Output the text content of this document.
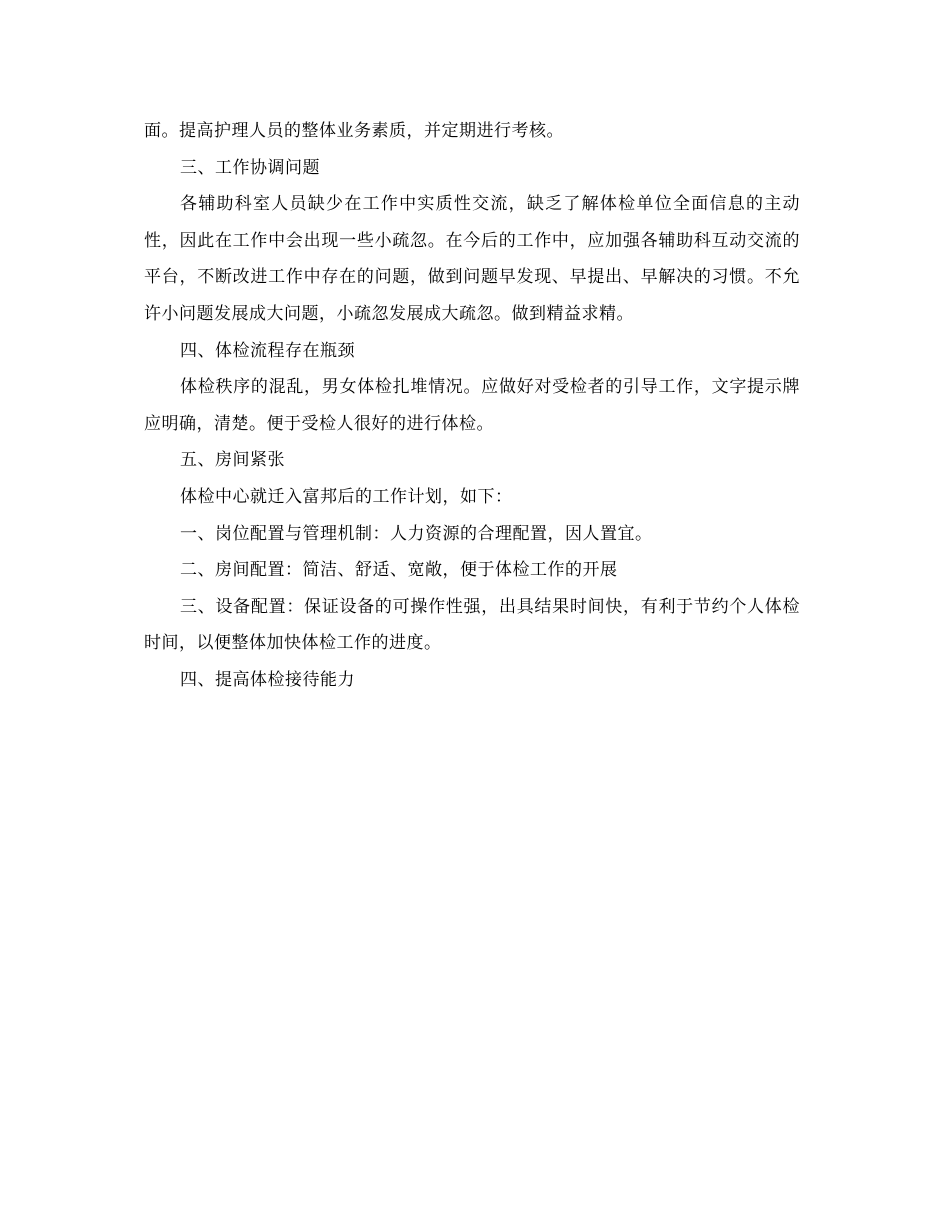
面。提高护理人员的整体业务素质，并定期进行考核。

三、工作协调问题

各辅助科室人员缺少在工作中实质性交流，缺乏了解体检单位全面信息的主动性，因此在工作中会出现一些小疏忽。在今后的工作中，应加强各辅助科互动交流的平台，不断改进工作中存在的问题，做到问题早发现、早提出、早解决的习惯。不允许小问题发展成大问题，小疏忽发展成大疏忽。做到精益求精。

四、体检流程存在瓶颈

体检秩序的混乱，男女体检扎堆情况。应做好对受检者的引导工作，文字提示牌应明确，清楚。便于受检人很好的进行体检。

五、房间紧张

体检中心就迁入富邦后的工作计划，如下：

一、岗位配置与管理机制：人力资源的合理配置，因人置宜。

二、房间配置：简洁、舒适、宽敞，便于体检工作的开展

三、设备配置：保证设备的可操作性强，出具结果时间快，有利于节约个人体检时间，以便整体加快体检工作的进度。

四、提高体检接待能力
